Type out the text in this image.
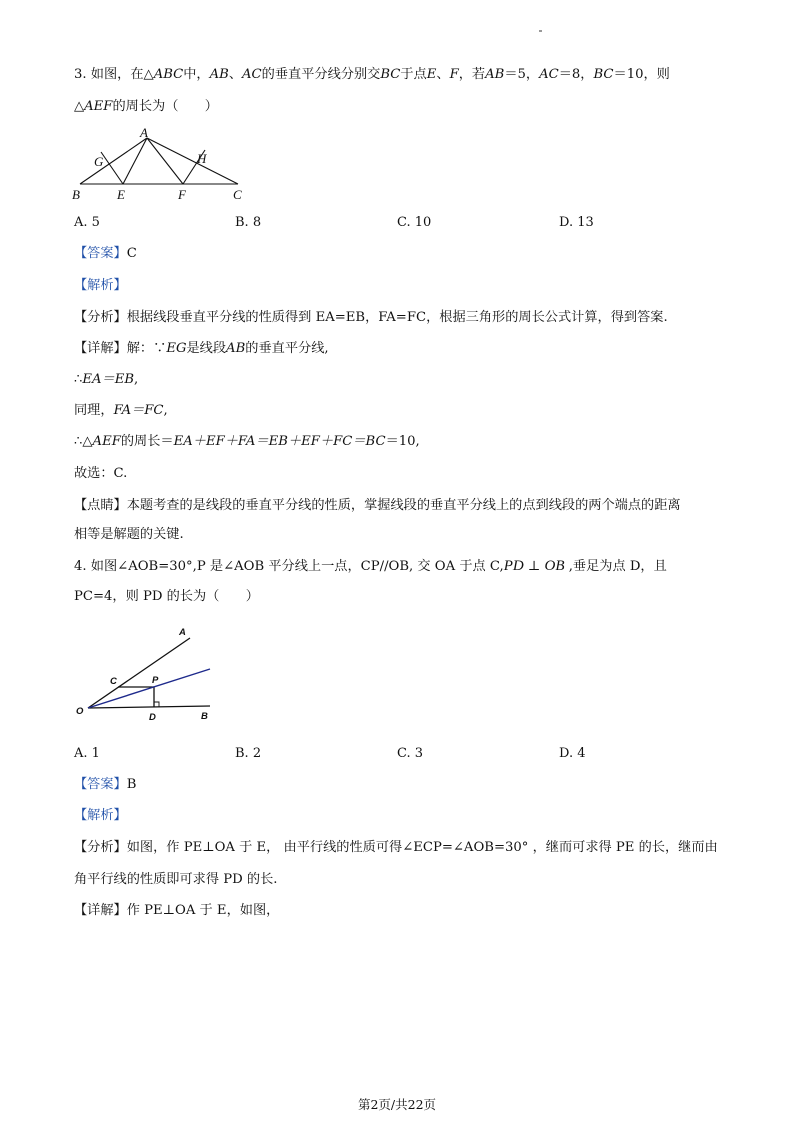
3. 如图，在△ABC中，AB、AC的垂直平分线分别交BC于点E、F，若AB＝5，AC＝8，BC＝10，则
△AEF的周长为（　　）
A
B	C
E	F
G	H
A. 5	B. 8	C. 10	D. 13
【答案】C
【解析】
【分析】根据线段垂直平分线的性质得到 EA=EB，FA=FC，根据三角形的周长公式计算，得到答案.
【详解】解：∵EG是线段AB的垂直平分线,
∴EA＝EB,
同理，FA＝FC,
∴△AEF的周长＝EA＋EF＋FA＝EB＋EF＋FC＝BC＝10,
故选：C.
【点睛】本题考查的是线段的垂直平分线的性质，掌握线段的垂直平分线上的点到线段的两个端点的距离
相等是解题的关键.
4. 如图∠AOB=30°,P 是∠AOB 平分线上一点，CP//OB, 交 OA 于点 C,PD ⊥ OB ,垂足为点 D，且
PC=4，则 PD 的长为（　　）
A
B
C
D
O
P
A. 1	B. 2	C. 3	D. 4
【答案】B
【解析】
【分析】如图，作 PE⊥OA 于 E， 由平行线的性质可得∠ECP=∠AOB=30° ，继而可求得 PE 的长，继而由
角平行线的性质即可求得 PD 的长.
【详解】作 PE⊥OA 于 E，如图，
第2页/共22页
